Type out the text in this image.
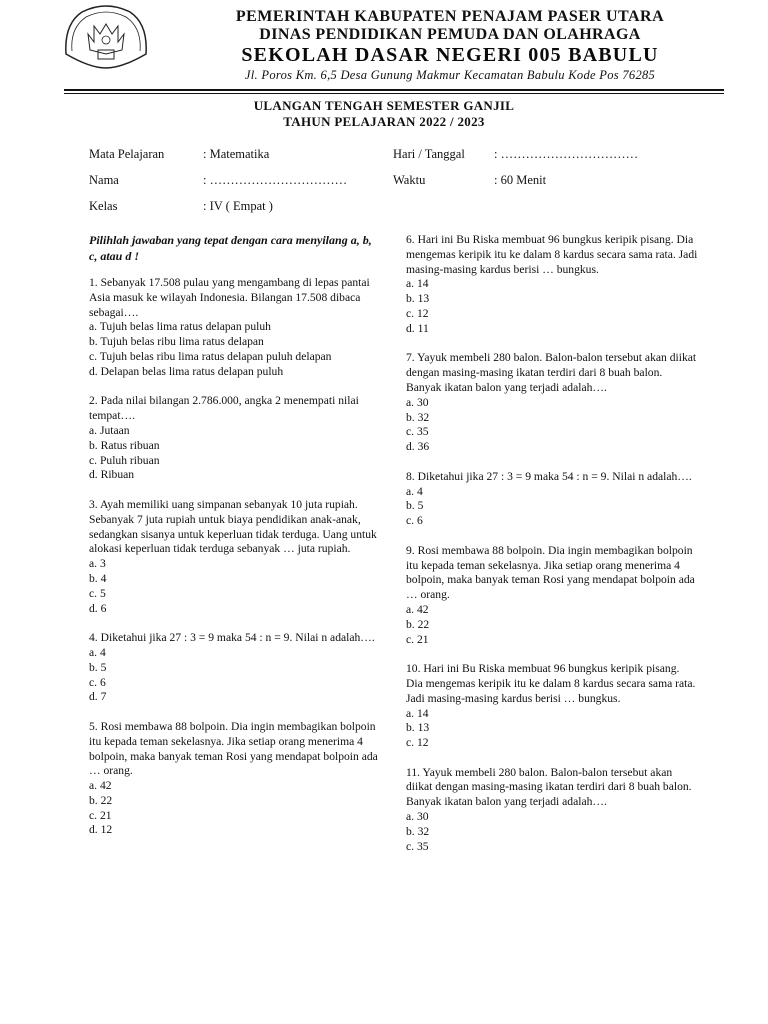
PEMERINTAH KABUPATEN PENAJAM PASER UTARA
DINAS PENDIDIKAN PEMUDA DAN OLAHRAGA
SEKOLAH DASAR NEGERI 005 BABULU
Jl. Poros Km. 6,5 Desa Gunung Makmur Kecamatan Babulu Kode Pos 76285
ULANGAN TENGAH SEMESTER GANJIL
TAHUN PELAJARAN 2022 / 2023
Mata Pelajaran	: Matematika	Hari / Tanggal : ……………………………
Nama	: ……………………………	Waktu	: 60 Menit
Kelas	: IV ( Empat )
Pilihlah jawaban yang tepat dengan cara menyilang a, b, c, atau d !
1. Sebanyak 17.508 pulau yang mengambang di lepas pantai Asia masuk ke wilayah Indonesia. Bilangan 17.508 dibaca sebagai….
a. Tujuh belas lima ratus delapan puluh
b. Tujuh belas ribu lima ratus delapan
c. Tujuh belas ribu lima ratus delapan puluh delapan
d. Delapan belas lima ratus delapan puluh
2. Pada nilai bilangan 2.786.000, angka 2 menempati nilai tempat….
a. Jutaan
b. Ratus ribuan
c. Puluh ribuan
d. Ribuan
3. Ayah memiliki uang simpanan sebanyak 10 juta rupiah. Sebanyak 7 juta rupiah untuk biaya pendidikan anak-anak, sedangkan sisanya untuk keperluan tidak terduga. Uang untuk alokasi keperluan tidak terduga sebanyak … juta rupiah.
a. 3
b. 4
c. 5
d. 6
4. Diketahui jika 27 : 3 = 9 maka 54 : n = 9. Nilai n adalah….
a. 4
b. 5
c. 6
d. 7
5. Rosi membawa 88 bolpoin. Dia ingin membagikan bolpoin itu kepada teman sekelasnya. Jika setiap orang menerima 4 bolpoin, maka banyak teman Rosi yang mendapat bolpoin ada … orang.
a. 42
b. 22
c. 21
d. 12
6. Hari ini Bu Riska membuat 96 bungkus keripik pisang. Dia mengemas keripik itu ke dalam 8 kardus secara sama rata. Jadi masing-masing kardus berisi … bungkus.
a. 14
b. 13
c. 12
d. 11
7. Yayuk membeli 280 balon. Balon-balon tersebut akan diikat dengan masing-masing ikatan terdiri dari 8 buah balon. Banyak ikatan balon yang terjadi adalah….
a. 30
b. 32
c. 35
d. 36
8. Diketahui jika 27 : 3 = 9 maka 54 : n = 9. Nilai n adalah….
a. 4
b. 5
c. 6
9. Rosi membawa 88 bolpoin. Dia ingin membagikan bolpoin itu kepada teman sekelasnya. Jika setiap orang menerima 4 bolpoin, maka banyak teman Rosi yang mendapat bolpoin ada … orang.
a. 42
b. 22
c. 21
10. Hari ini Bu Riska membuat 96 bungkus keripik pisang. Dia mengemas keripik itu ke dalam 8 kardus secara sama rata. Jadi masing-masing kardus berisi … bungkus.
a. 14
b. 13
c. 12
11. Yayuk membeli 280 balon. Balon-balon tersebut akan diikat dengan masing-masing ikatan terdiri dari 8 buah balon. Banyak ikatan balon yang terjadi adalah….
a. 30
b. 32
c. 35
